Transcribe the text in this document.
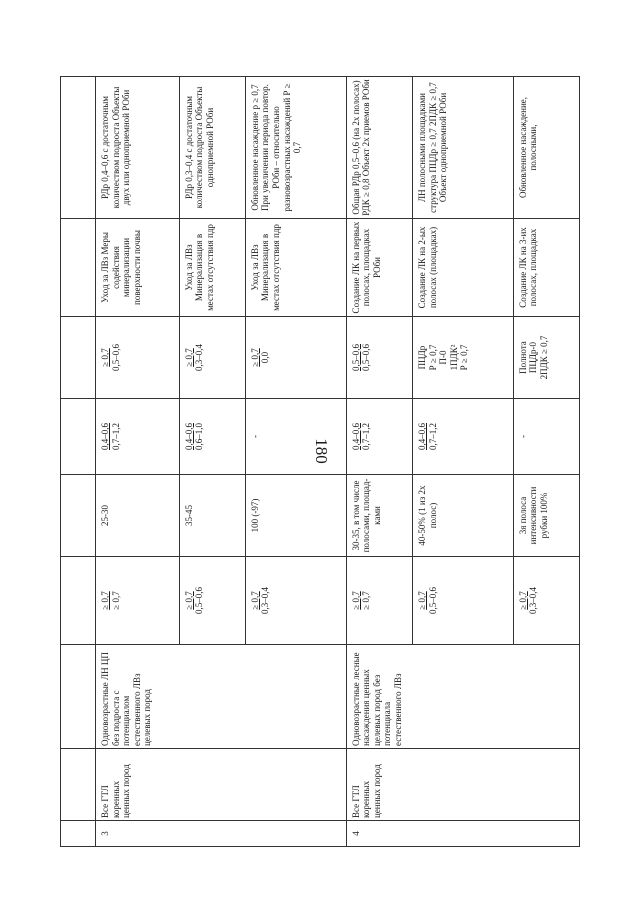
180

3	Все ГТЛ коренных ценных пород	Одновозрастные ЛН ЦП без подроста с потенциалом естественного ЛВз целевых пород	≥ 0,7 ≥ 0,7	25-30	0,4–0,6 0,7–1,2	≥ 0,7 0,5–0,6	Уход за ЛВз Меры содействия минерализации поверхности почвы	РДр 0,4–0,6 с достаточным количеством подроста Объекты двух или одноприемной РОби

			≥ 0,7 0,5–0,6	35-45	0,4–0,6 0,6–1,0	≥ 0,7 0,3–0,4	Уход за ЛВз Минерализация в местах отсутствия пдр	РДр 0,3–0,4 с достаточным количеством подроста Объекты одноприемной РОби

			≥ 0,7 0,3–0,4	100 (-97)	-	≥ 0,7 0,0	Уход за ЛВз Минерализация в местах отсутствия пдр	Обновленное насаждение р ≥ 0,7 При увеличении периода повтор. РОби – относительно разновозрастных насаждений Р ≥ 0,7
4	Все ГТЛ коренных ценных пород	Одновозрастные лесные насаждения ценных целевых пород без потенциала естественного ЛВз	≥ 0,7 ≥ 0,7	30-35, в том числе полосами, площад-ками	0,4–0,6 0,7–1,2	0,5–0,6 0,5–0,6	Создание ЛК на первых полосах, площадках РОби	Общая РДр 0,5–0,6 (на 2х полосах) РДК ≥ 0,8 Объект 2х приемов РОби

			≥ 0,7 0,5–0,6	40-50% (1 из 2х полос)	0,4–0,6 0,7–1,2	ПЦДр Р ≥ 0,7 П-0 1ПДК² Р ≥ 0,7	Создание ЛК на 2-ых полосах (площадках)	ЛН полосными площадками структура ПЦДр ≥ 0,7 2ПДК ≥ 0,7 Объект одноприемной РОби

			≥ 0,7 0,3–0,4	3я полоса интенсивности рубки 100%	-	Полнота ПЦДр-0 2ПДК ≥ 0,7	Создание ЛК на 3-их полосах, площадках	Обновленное насаждение, полосными,
